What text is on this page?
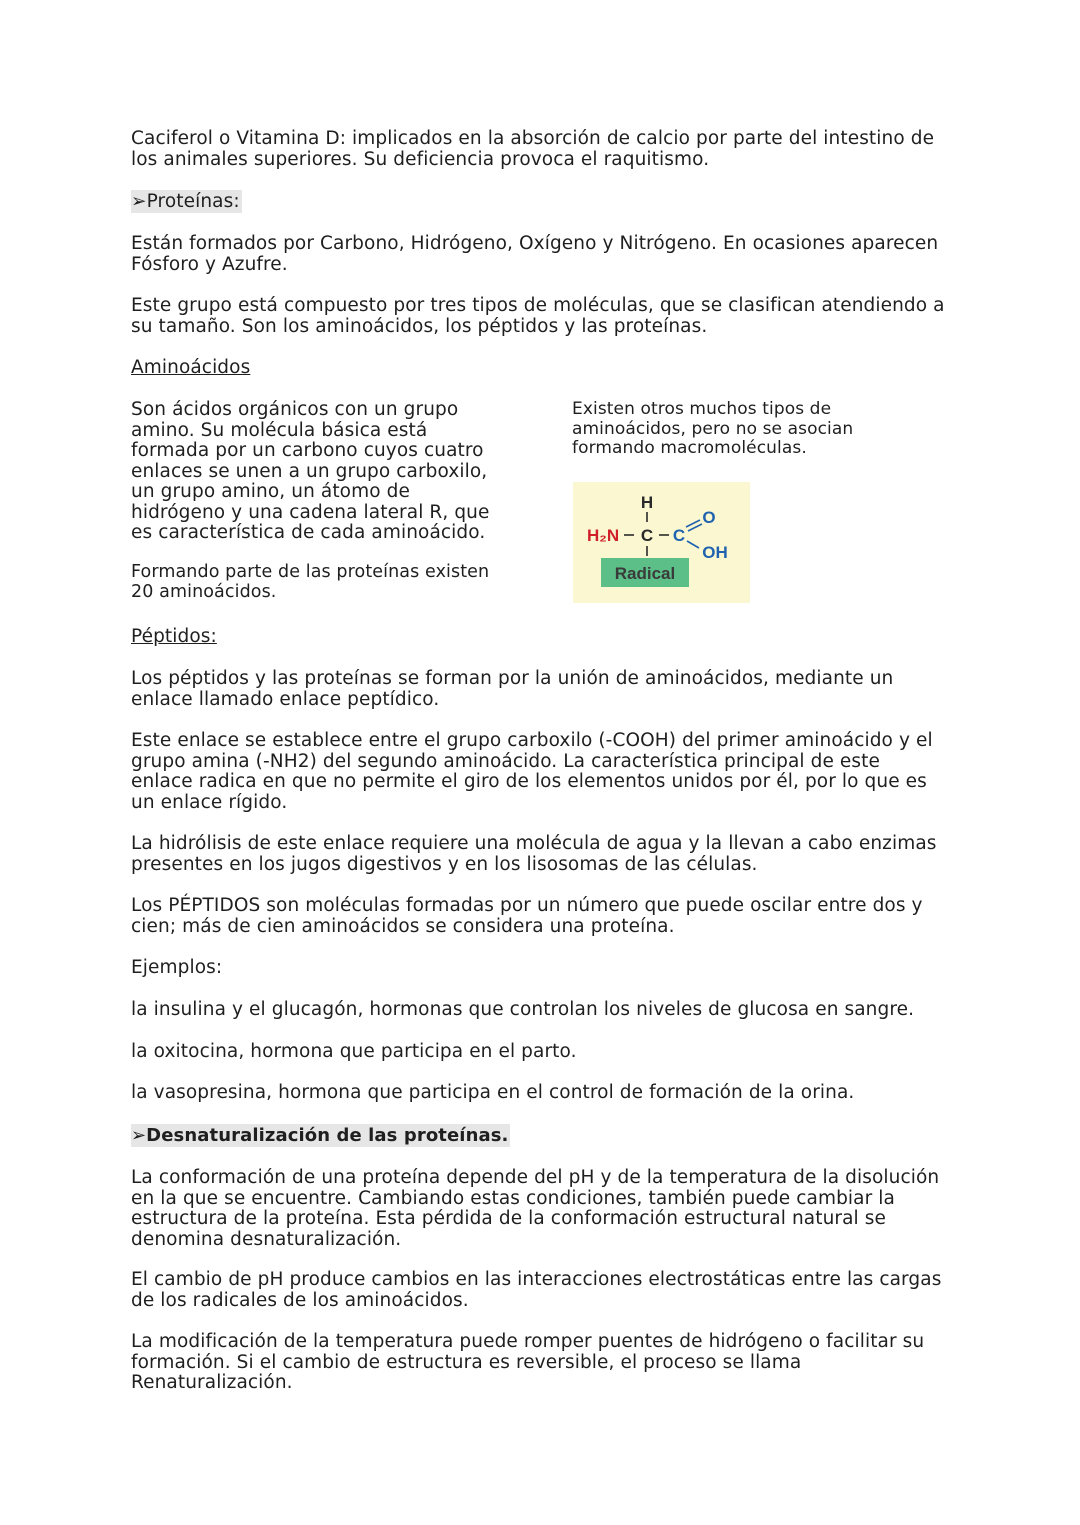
Caciferol o Vitamina D: implicados en la absorción de calcio por parte del intestino de los animales superiores. Su deficiencia provoca el raquitismo.

➢Proteínas:

Están formados por Carbono, Hidrógeno, Oxígeno y Nitrógeno. En ocasiones aparecen Fósforo y Azufre.

Este grupo está compuesto por tres tipos de moléculas, que se clasifican atendiendo a su tamaño. Son los aminoácidos, los péptidos y las proteínas.

Aminoácidos

Son ácidos orgánicos con un grupo amino. Su molécula básica está formada por un carbono cuyos cuatro enlaces se unen a un grupo carboxilo, un grupo amino, un átomo de hidrógeno y una cadena lateral R, que es característica de cada aminoácido.

Formando parte de las proteínas existen 20 aminoácidos.

Existen otros muchos tipos de aminoácidos, pero no se asocian formando macromoléculas.

H
H₂N C C
O
OH
Radical

Péptidos:

Los péptidos y las proteínas se forman por la unión de aminoácidos, mediante un enlace llamado enlace peptídico.

Este enlace se establece entre el grupo carboxilo (-COOH) del primer aminoácido y el grupo amina (-NH2) del segundo aminoácido. La característica principal de este enlace radica en que no permite el giro de los elementos unidos por él, por lo que es un enlace rígido.

La hidrólisis de este enlace requiere una molécula de agua y la llevan a cabo enzimas presentes en los jugos digestivos y en los lisosomas de las células.

Los PÉPTIDOS son moléculas formadas por un número que puede oscilar entre dos y cien; más de cien aminoácidos se considera una proteína.

Ejemplos:

la insulina y el glucagón, hormonas que controlan los niveles de glucosa en sangre.

la oxitocina, hormona que participa en el parto.

la vasopresina, hormona que participa en el control de formación de la orina.

➢Desnaturalización de las proteínas.

La conformación de una proteína depende del pH y de la temperatura de la disolución en la que se encuentre. Cambiando estas condiciones, también puede cambiar la estructura de la proteína. Esta pérdida de la conformación estructural natural se denomina desnaturalización.

El cambio de pH produce cambios en las interacciones electrostáticas entre las cargas de los radicales de los aminoácidos.

La modificación de la temperatura puede romper puentes de hidrógeno o facilitar su formación. Si el cambio de estructura es reversible, el proceso se llama Renaturalización.
